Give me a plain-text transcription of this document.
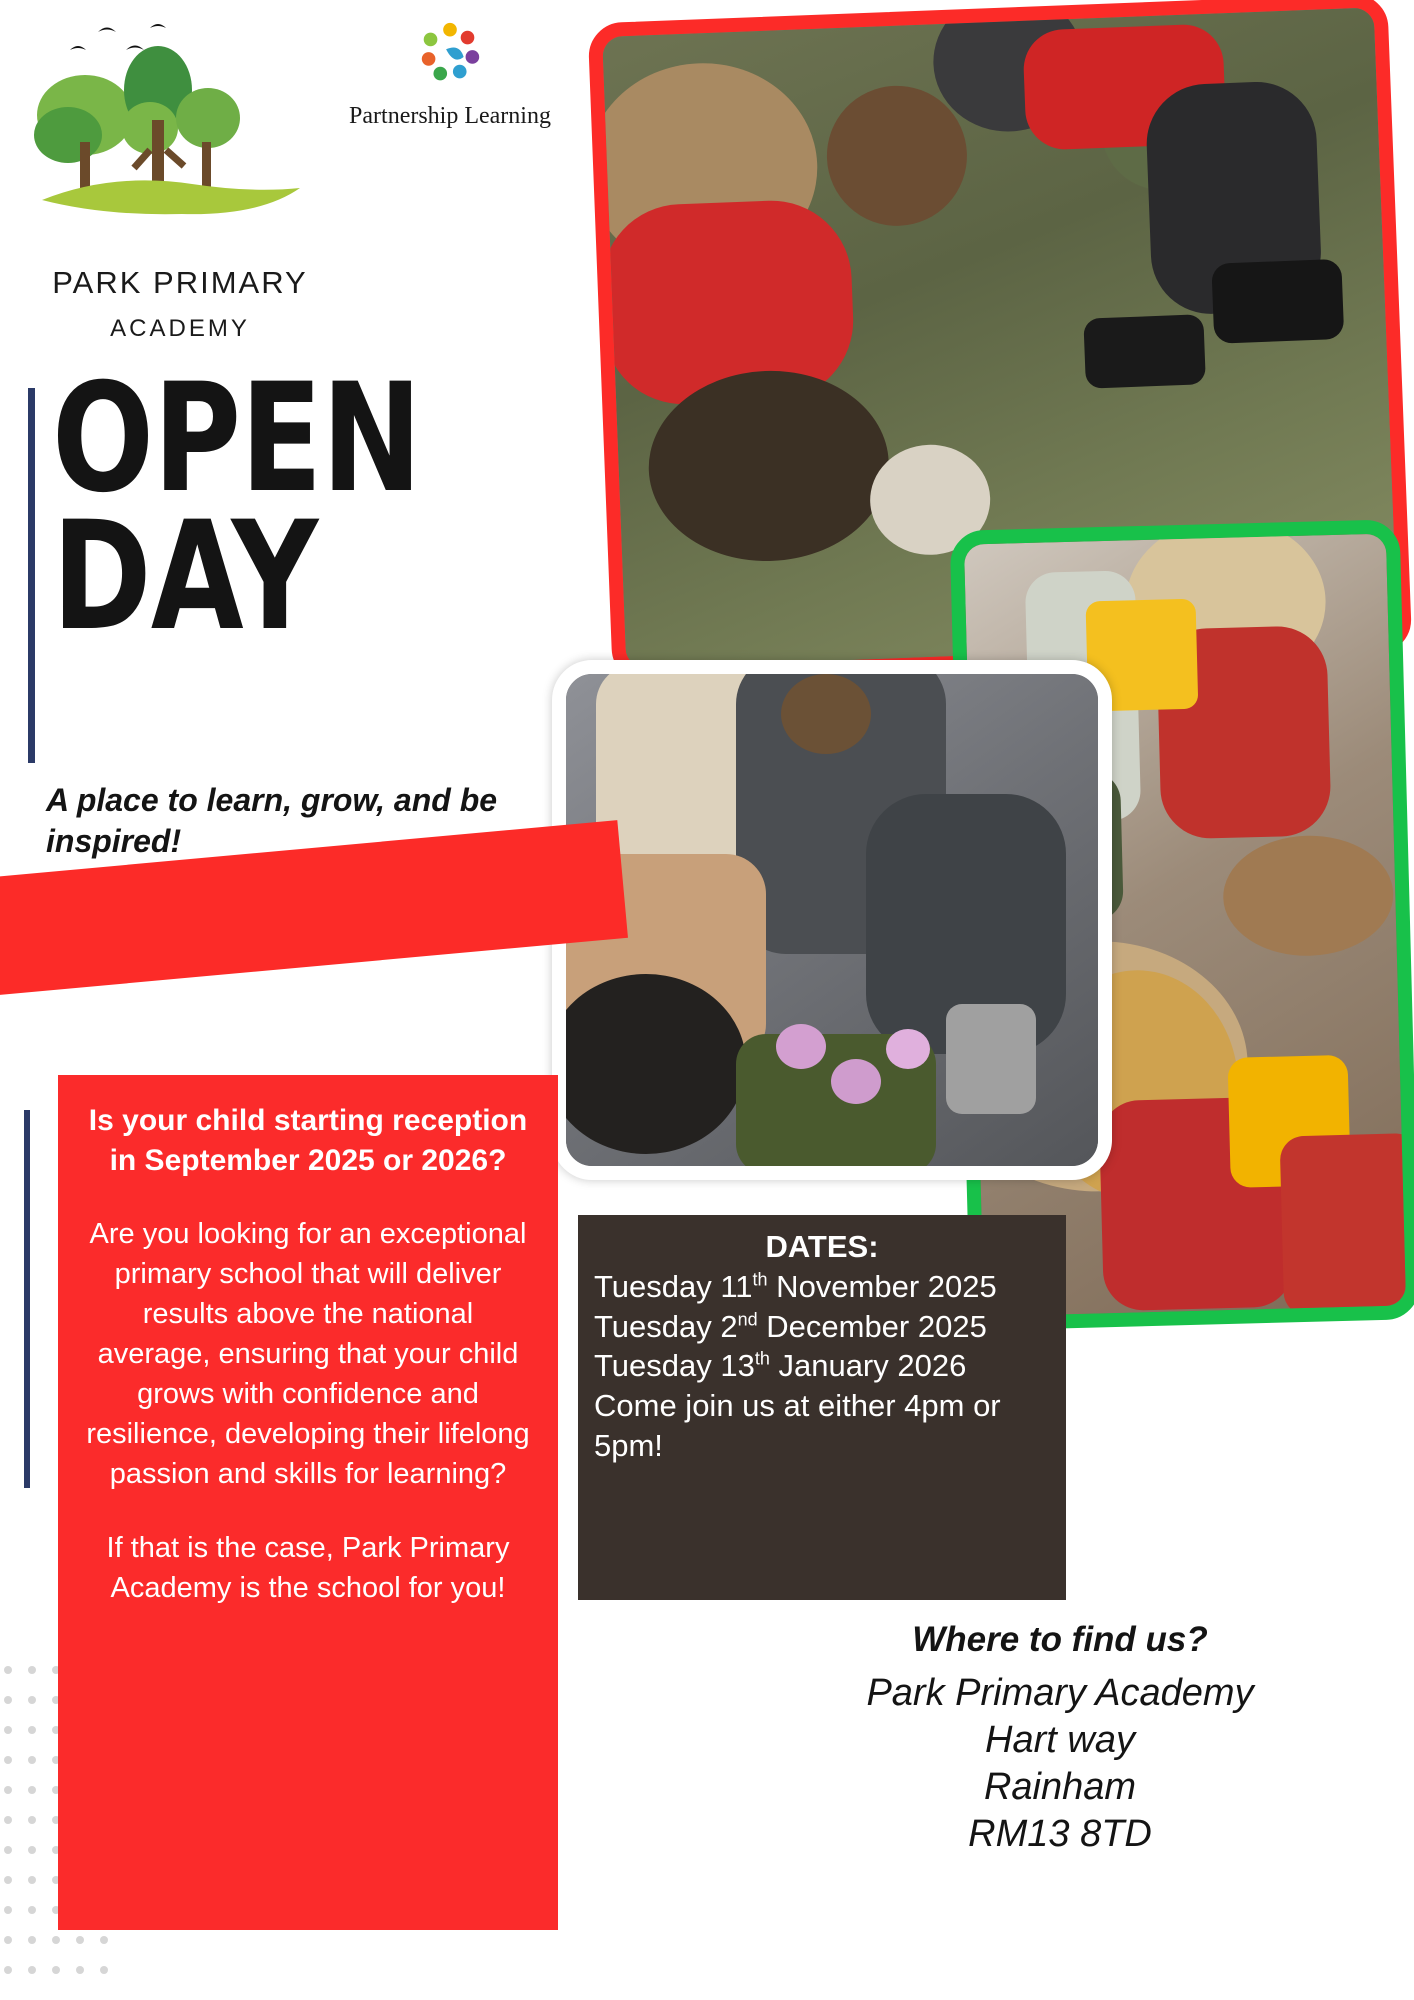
PARK PRIMARY
ACADEMY
Partnership Learning
OPEN
DAY
A place to learn, grow, and be inspired!
Is your child starting reception in September 2025 or 2026?
Are you looking for an exceptional primary school that will deliver results above the national average, ensuring that your child grows with confidence and resilience, developing their lifelong passion and skills for learning?
If that is the case, Park Primary Academy is the school for you!
DATES:
Tuesday 11th November 2025
Tuesday 2nd December 2025
Tuesday 13th January 2026
Come join us at either 4pm or 5pm!
Where to find us?
Park Primary Academy
Hart way
Rainham
RM13 8TD
